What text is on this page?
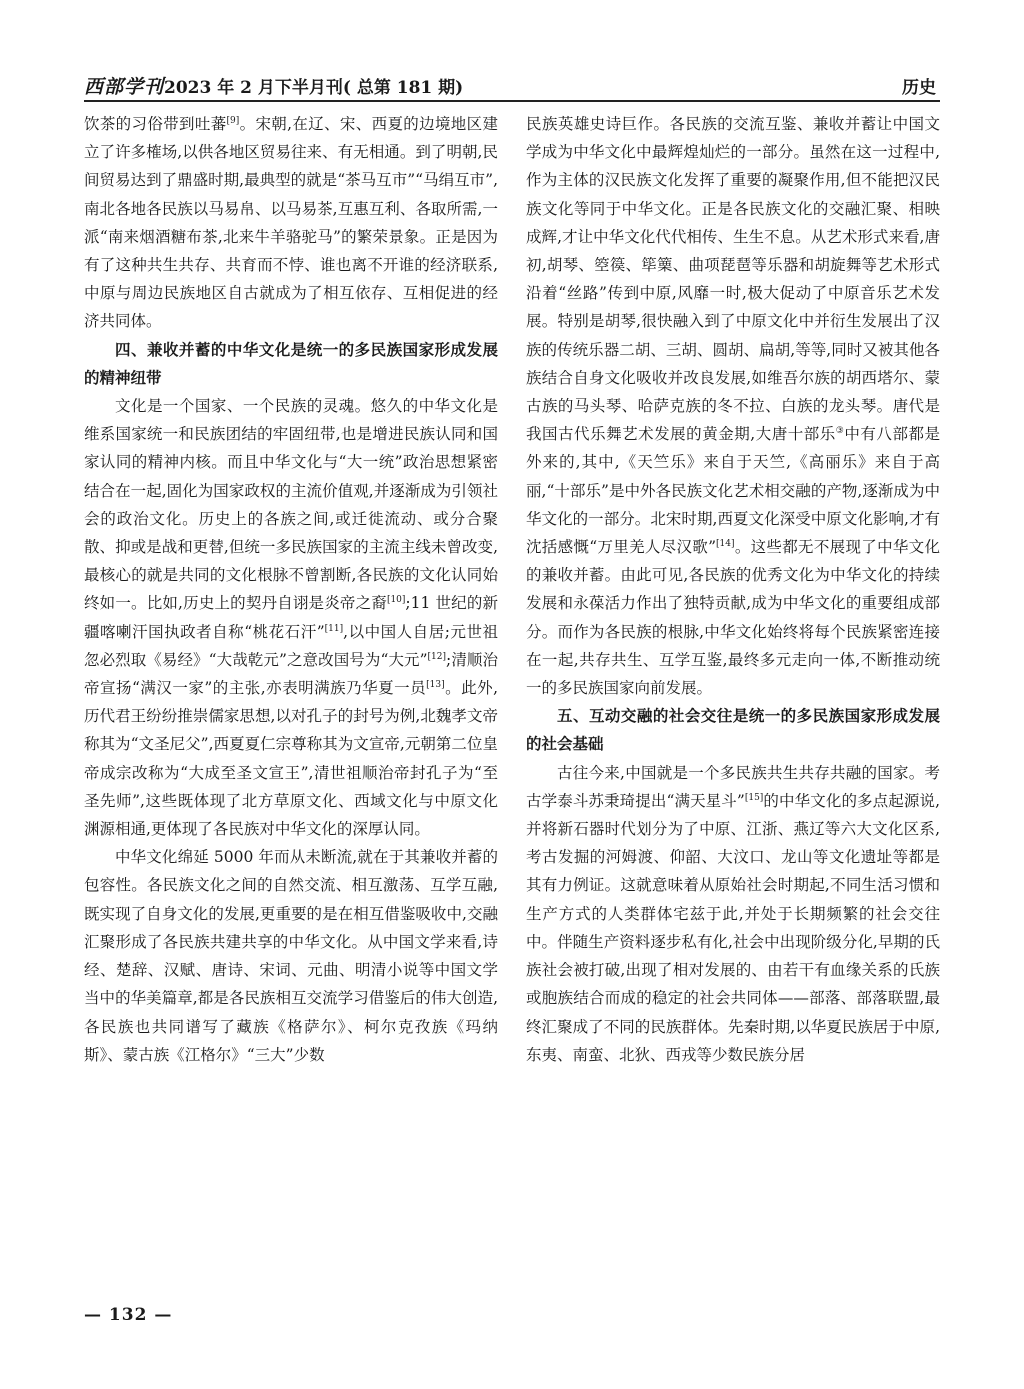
西部学刊 2023 年 2 月下半月刊( 总第 181 期)	历史

饮茶的习俗带到吐蕃[9]。宋朝,在辽、宋、西夏的边境地区建立了许多榷场,以供各地区贸易往来、有无相通。到了明朝,民间贸易达到了鼎盛时期,最典型的就是“茶马互市”“马绢互市”,南北各地各民族以马易帛、以马易茶,互惠互利、各取所需,一派“南来烟酒糖布茶,北来牛羊骆驼马”的繁荣景象。正是因为有了这种共生共存、共育而不悖、谁也离不开谁的经济联系,中原与周边民族地区自古就成为了相互依存、互相促进的经济共同体。

四、兼收并蓄的中华文化是统一的多民族国家形成发展的精神纽带

文化是一个国家、一个民族的灵魂。悠久的中华文化是维系国家统一和民族团结的牢固纽带,也是增进民族认同和国家认同的精神内核。而且中华文化与“大一统”政治思想紧密结合在一起,固化为国家政权的主流价值观,并逐渐成为引领社会的政治文化。历史上的各族之间,或迁徙流动、或分合聚散、抑或是战和更替,但统一多民族国家的主流主线未曾改变,最核心的就是共同的文化根脉不曾割断,各民族的文化认同始终如一。比如,历史上的契丹自诩是炎帝之裔[10];11 世纪的新疆喀喇汗国执政者自称“桃花石汗”[11],以中国人自居;元世祖忽必烈取《易经》“大哉乾元”之意改国号为“大元”[12];清顺治帝宣扬“满汉一家”的主张,亦表明满族乃华夏一员[13]。此外,历代君王纷纷推崇儒家思想,以对孔子的封号为例,北魏孝文帝称其为“文圣尼父”,西夏夏仁宗尊称其为文宣帝,元朝第二位皇帝成宗改称为“大成至圣文宣王”,清世祖顺治帝封孔子为“至圣先师”,这些既体现了北方草原文化、西域文化与中原文化渊源相通,更体现了各民族对中华文化的深厚认同。

中华文化绵延 5000 年而从未断流,就在于其兼收并蓄的包容性。各民族文化之间的自然交流、相互激荡、互学互融,既实现了自身文化的发展,更重要的是在相互借鉴吸收中,交融汇聚形成了各民族共建共享的中华文化。从中国文学来看,诗经、楚辞、汉赋、唐诗、宋词、元曲、明清小说等中国文学当中的华美篇章,都是各民族相互交流学习借鉴后的伟大创造,各民族也共同谱写了藏族《格萨尔》、柯尔克孜族《玛纳斯》、蒙古族《江格尔》“三大”少数

民族英雄史诗巨作。各民族的交流互鉴、兼收并蓄让中国文学成为中华文化中最辉煌灿烂的一部分。虽然在这一过程中,作为主体的汉民族文化发挥了重要的凝聚作用,但不能把汉民族文化等同于中华文化。正是各民族文化的交融汇聚、相映成辉,才让中华文化代代相传、生生不息。从艺术形式来看,唐初,胡琴、箜篌、筚篥、曲项琵琶等乐器和胡旋舞等艺术形式沿着“丝路”传到中原,风靡一时,极大促动了中原音乐艺术发展。特别是胡琴,很快融入到了中原文化中并衍生发展出了汉族的传统乐器二胡、三胡、圆胡、扁胡,等等,同时又被其他各族结合自身文化吸收并改良发展,如维吾尔族的胡西塔尔、蒙古族的马头琴、哈萨克族的冬不拉、白族的龙头琴。唐代是我国古代乐舞艺术发展的黄金期,大唐十部乐③中有八部都是外来的,其中,《天竺乐》来自于天竺,《高丽乐》来自于高丽,“十部乐”是中外各民族文化艺术相交融的产物,逐渐成为中华文化的一部分。北宋时期,西夏文化深受中原文化影响,才有沈括感慨“万里羌人尽汉歌”[14]。这些都无不展现了中华文化的兼收并蓄。由此可见,各民族的优秀文化为中华文化的持续发展和永葆活力作出了独特贡献,成为中华文化的重要组成部分。而作为各民族的根脉,中华文化始终将每个民族紧密连接在一起,共存共生、互学互鉴,最终多元走向一体,不断推动统一的多民族国家向前发展。

五、互动交融的社会交往是统一的多民族国家形成发展的社会基础

古往今来,中国就是一个多民族共生共存共融的国家。考古学泰斗苏秉琦提出“满天星斗”[15]的中华文化的多点起源说,并将新石器时代划分为了中原、江浙、燕辽等六大文化区系,考古发掘的河姆渡、仰韶、大汶口、龙山等文化遗址等都是其有力例证。这就意味着从原始社会时期起,不同生活习惯和生产方式的人类群体宅兹于此,并处于长期频繁的社会交往中。伴随生产资料逐步私有化,社会中出现阶级分化,早期的氏族社会被打破,出现了相对发展的、由若干有血缘关系的氏族或胞族结合而成的稳定的社会共同体——部落、部落联盟,最终汇聚成了不同的民族群体。先秦时期,以华夏民族居于中原,东夷、南蛮、北狄、西戎等少数民族分居

— 132 —
